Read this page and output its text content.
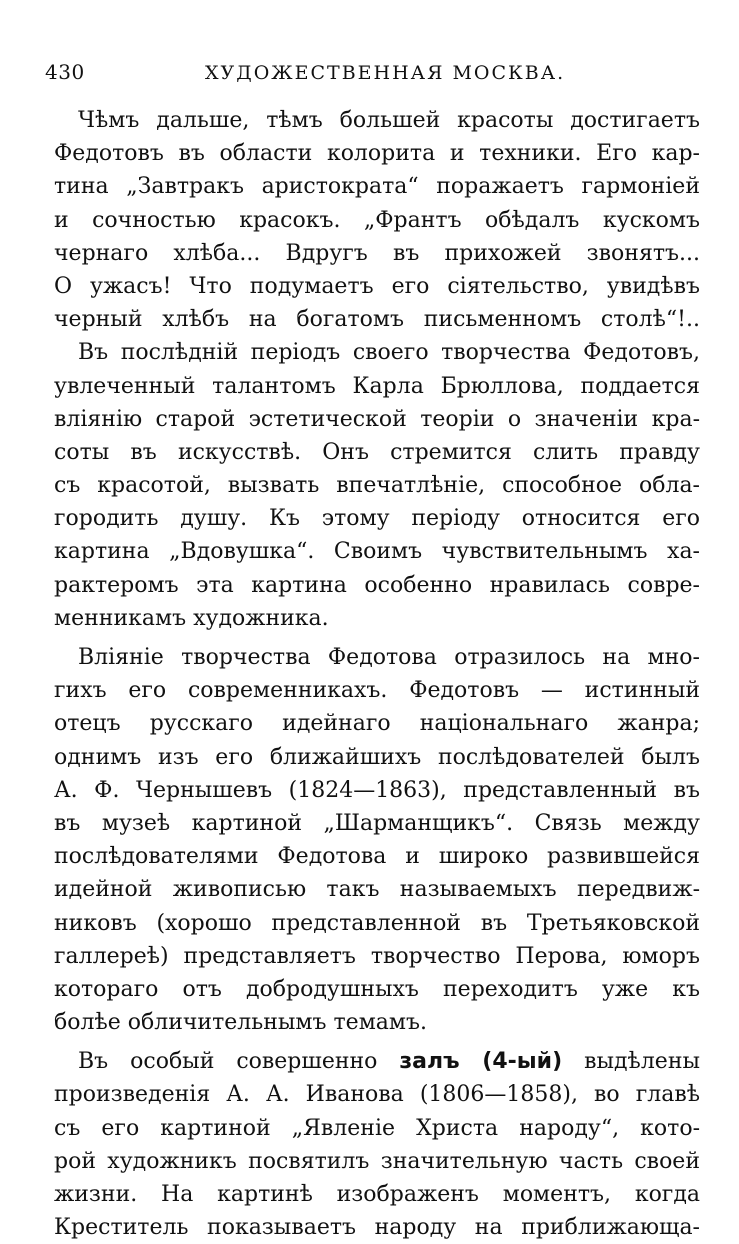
430	ХУДОЖЕСТВЕННАЯ МОСКВА.
Чѣмъ дальше, тѣмъ большей красоты достигаетъ
Федотовъ въ области колорита и техники. Его кар-
тина „Завтракъ аристократа“ поражаетъ гармоніей
и сочностью красокъ. „Франтъ обѣдалъ кускомъ
чернаго хлѣба... Вдругъ въ прихожей звонятъ...
О ужасъ! Что подумаетъ его сіятельство, увидѣвъ
черный хлѣбъ на богатомъ письменномъ столѣ“!..
Въ послѣдній періодъ своего творчества Федотовъ,
увлеченный талантомъ Карла Брюллова, поддается
вліянію старой эстетической теоріи о значеніи кра-
соты въ искусствѣ. Онъ стремится слить правду
съ красотой, вызвать впечатлѣніе, способное обла-
городить душу. Къ этому періоду относится его
картина „Вдовушка“. Своимъ чувствительнымъ ха-
рактеромъ эта картина особенно нравилась совре-
менникамъ художника.
Вліяніе творчества Федотова отразилось на мно-
гихъ его современникахъ. Федотовъ — истинный
отецъ русскаго идейнаго національнаго жанра;
однимъ изъ его ближайшихъ послѣдователей былъ
А. Ф. Чернышевъ (1824—1863), представленный въ
въ музеѣ картиной „Шарманщикъ“. Связь между
послѣдователями Федотова и широко развившейся
идейной живописью такъ называемыхъ передвиж-
никовъ (хорошо представленной въ Третьяковской
галлереѣ) представляетъ творчество Перова, юморъ
котораго отъ добродушныхъ переходитъ уже къ
болѣе обличительнымъ темамъ.
Въ особый совершенно залъ (4-ый) выдѣлены
произведенія А. А. Иванова (1806—1858), во главѣ
съ его картиной „Явленіе Христа народу“, кото-
рой художникъ посвятилъ значительную часть своей
жизни. На картинѣ изображенъ моментъ, когда
Креститель показываетъ народу на приближающа-
